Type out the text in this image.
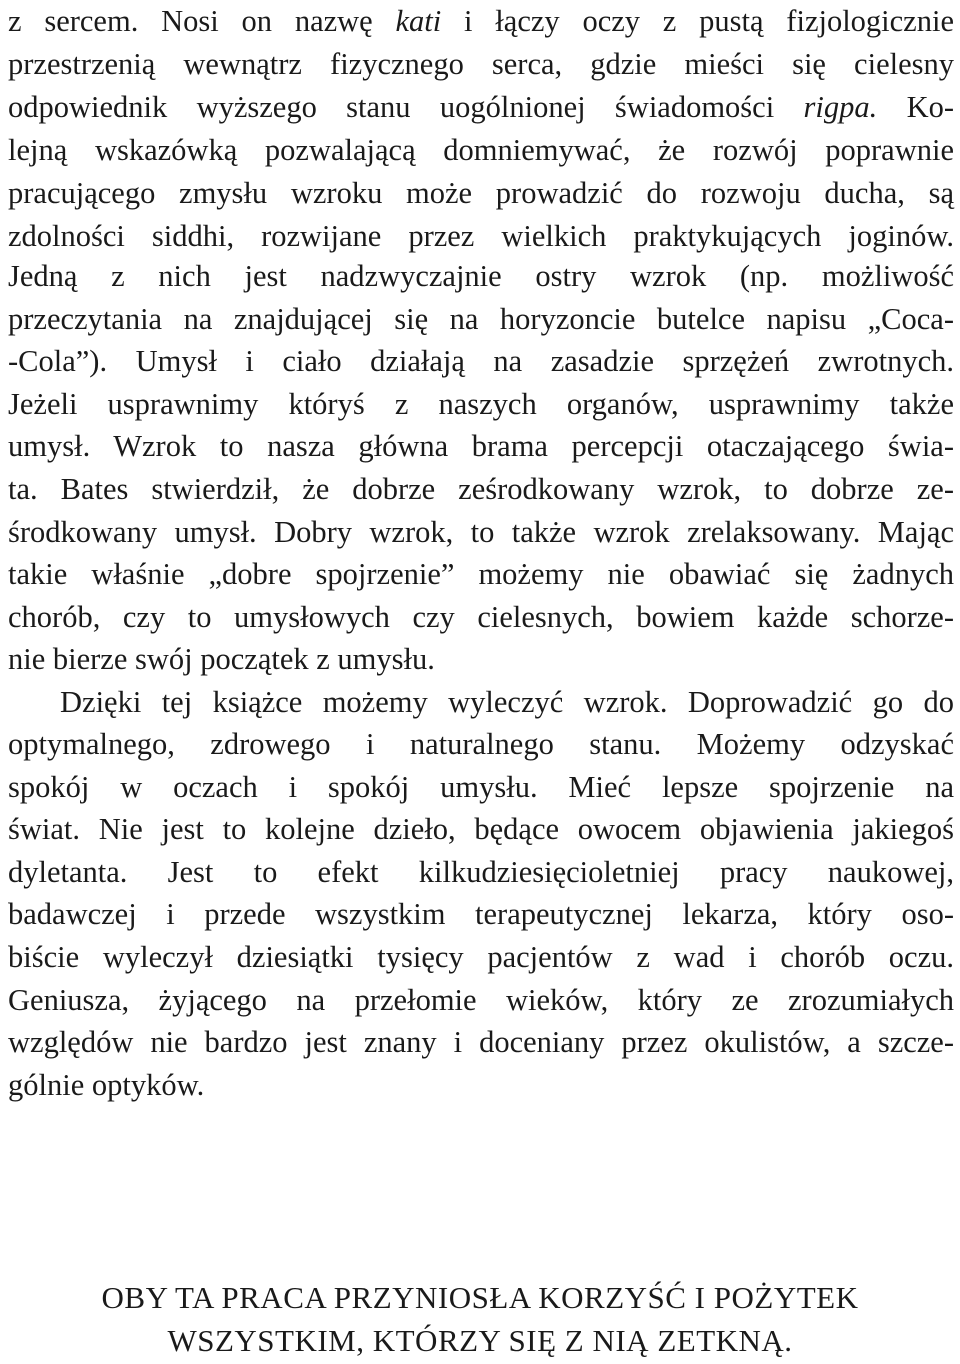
z sercem. Nosi on nazwę kati i łączy oczy z pustą fizjologicznie
przestrzenią wewnątrz fizycznego serca, gdzie mieści się cielesny
odpowiednik wyższego stanu uogólnionej świadomości rigpa. Ko-
lejną wskazówką pozwalającą domniemywać, że rozwój poprawnie
pracującego zmysłu wzroku może prowadzić do rozwoju ducha, są
zdolności siddhi, rozwijane przez wielkich praktykujących joginów.
Jedną z nich jest nadzwyczajnie ostry wzrok (np. możliwość
przeczytania na znajdującej się na horyzoncie butelce napisu „Coca-
-Cola”). Umysł i ciało działają na zasadzie sprzężeń zwrotnych.
Jeżeli usprawnimy któryś z naszych organów, usprawnimy także
umysł. Wzrok to nasza główna brama percepcji otaczającego świa-
ta. Bates stwierdził, że dobrze ześrodkowany wzrok, to dobrze ze-
środkowany umysł. Dobry wzrok, to także wzrok zrelaksowany. Mając
takie właśnie „dobre spojrzenie” możemy nie obawiać się żadnych
chorób, czy to umysłowych czy cielesnych, bowiem każde schorze-
nie bierze swój początek z umysłu.
Dzięki tej książce możemy wyleczyć wzrok. Doprowadzić go do
optymalnego, zdrowego i naturalnego stanu. Możemy odzyskać
spokój w oczach i spokój umysłu. Mieć lepsze spojrzenie na
świat. Nie jest to kolejne dzieło, będące owocem objawienia jakiegoś
dyletanta. Jest to efekt kilkudziesięcioletniej pracy naukowej,
badawczej i przede wszystkim terapeutycznej lekarza, który oso-
biście wyleczył dziesiątki tysięcy pacjentów z wad i chorób oczu.
Geniusza, żyjącego na przełomie wieków, który ze zrozumiałych
względów nie bardzo jest znany i doceniany przez okulistów, a szcze-
gólnie optyków.
OBY TA PRACA PRZYNIOSŁA KORZYŚĆ I POŻYTEK
WSZYSTKIM, KTÓRZY SIĘ Z NIĄ ZETKNĄ.
